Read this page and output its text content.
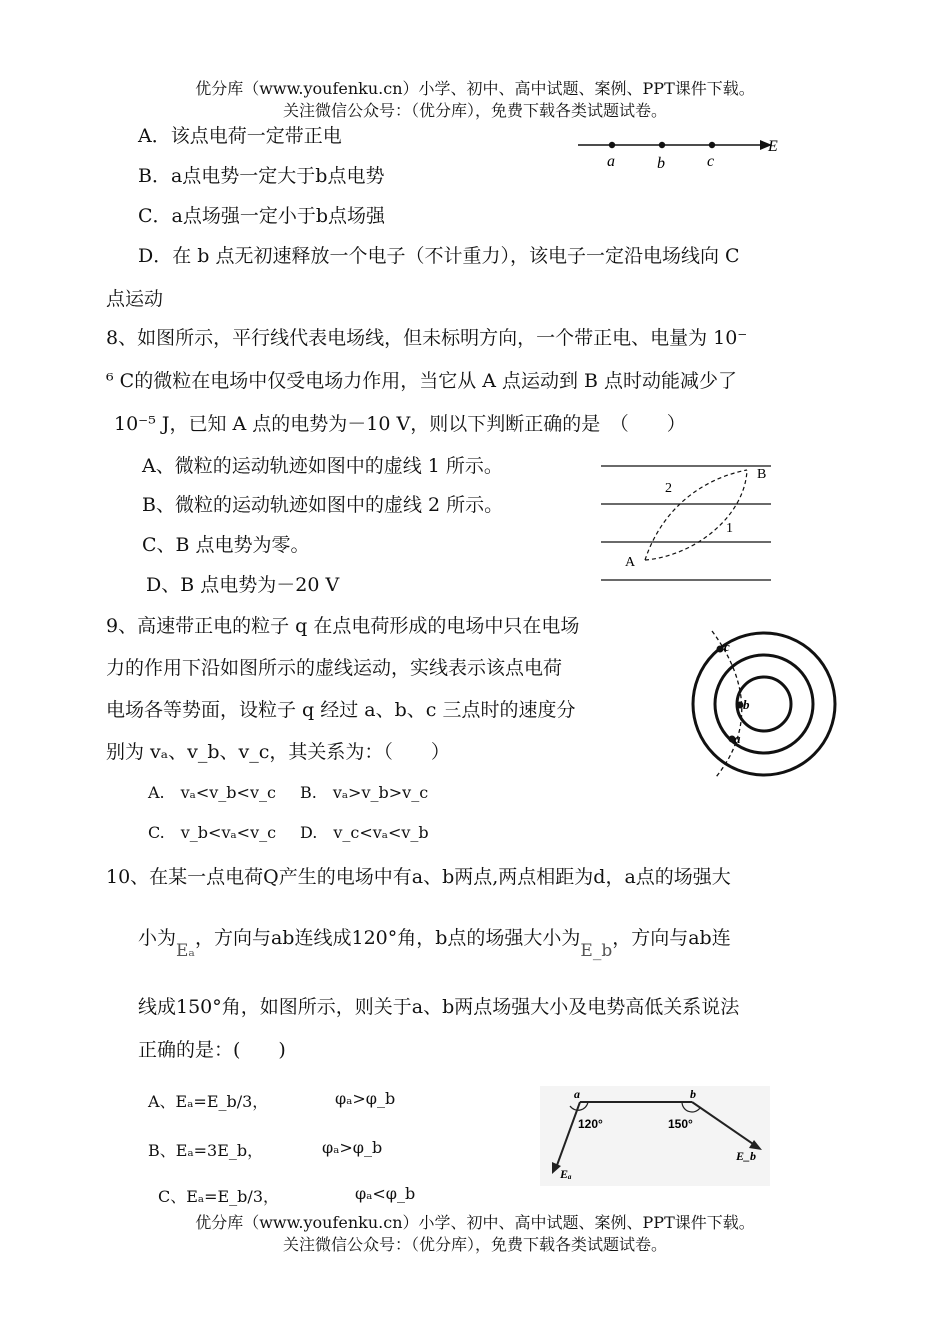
优分库（www.youfenku.cn）小学、初中、高中试题、案例、PPT课件下载。
关注微信公众号：（优分库），免费下载各类试题试卷。
A．该点电荷一定带正电
B．a点电势一定大于b点电势
C．a点场强一定小于b点场强
D．在 b 点无初速释放一个电子（不计重力），该电子一定沿电场线向 C
点运动
a	b	c
E
8、如图所示，平行线代表电场线，但未标明方向，一个带正电、电量为 10⁻
⁶ C的微粒在电场中仅受电场力作用，当它从 A 点运动到 B 点时动能减少了
10⁻⁵ J，已知 A 点的电势为－10 V，则以下判断正确的是　（　　）
A、微粒的运动轨迹如图中的虚线 1 所示。
B、微粒的运动轨迹如图中的虚线 2 所示。
C、B 点电势为零。
D、B 点电势为－20 V
A
B
2
1
9、高速带正电的粒子 q 在点电荷形成的电场中只在电场
力的作用下沿如图所示的虚线运动，实线表示该点电荷
电场各等势面，设粒子 q 经过 a、b、c 三点时的速度分
别为 vₐ、v_b、v_c，其关系为：（　　）
A.　vₐ<v_b<v_c B.　vₐ>v_b>v_c
C.　v_b<vₐ<v_c D.　v_c<vₐ<v_b
c
b
a
10、在某一点电荷Q产生的电场中有a、b两点,两点相距为d，a点的场强大
小为Eₐ，方向与ab连线成120°角，b点的场强大小为E_b，方向与ab连
线成150°角，如图所示，则关于a、b两点场强大小及电势高低关系说法
正确的是：(　　)
A、Eₐ=E_b/3，	φₐ>φ_b
B、Eₐ=3E_b，	φₐ>φ_b
C、Eₐ=E_b/3，	φₐ<φ_b
a	b
120°	150°
Eₐ
E_b
优分库（www.youfenku.cn）小学、初中、高中试题、案例、PPT课件下载。
关注微信公众号：（优分库），免费下载各类试题试卷。
